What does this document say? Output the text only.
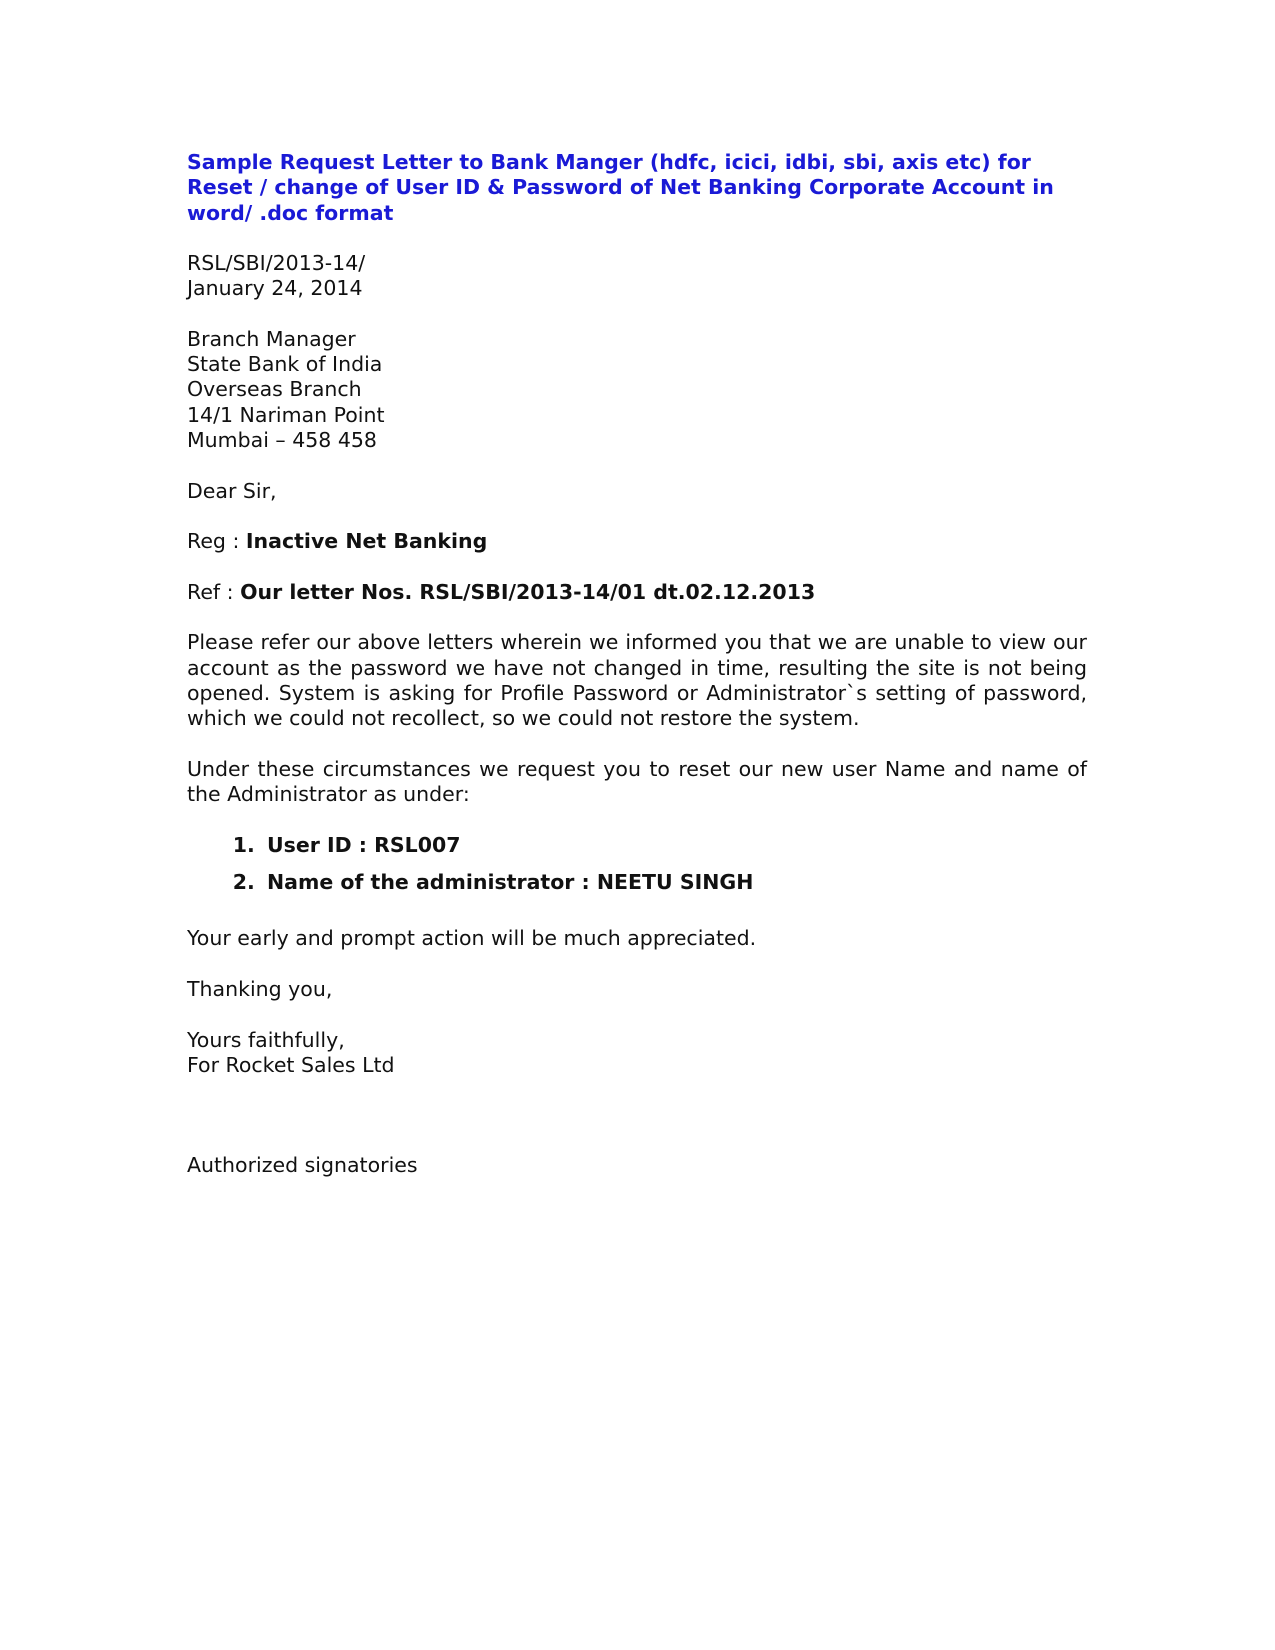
Sample Request Letter to Bank Manger (hdfc, icici, idbi, sbi, axis etc) for Reset / change of User ID & Password of Net Banking Corporate Account in word/ .doc format
RSL/SBI/2013-14/
January 24, 2014
Branch Manager
State Bank of India
Overseas Branch
14/1 Nariman Point
Mumbai – 458 458
Dear Sir,
Reg : Inactive Net Banking
Ref : Our letter Nos. RSL/SBI/2013-14/01 dt.02.12.2013
Please refer our above letters wherein we informed you that we are unable to view our account as the password we have not changed in time, resulting the site is not being opened. System is asking for Profile Password or Administrator`s setting of password, which we could not recollect, so we could not restore the system.
Under these circumstances we request you to reset our new user Name and name of the Administrator as under:
1. User ID : RSL007
2. Name of the administrator : NEETU SINGH
Your early and prompt action will be much appreciated.
Thanking you,
Yours faithfully,
For Rocket Sales Ltd
Authorized signatories
